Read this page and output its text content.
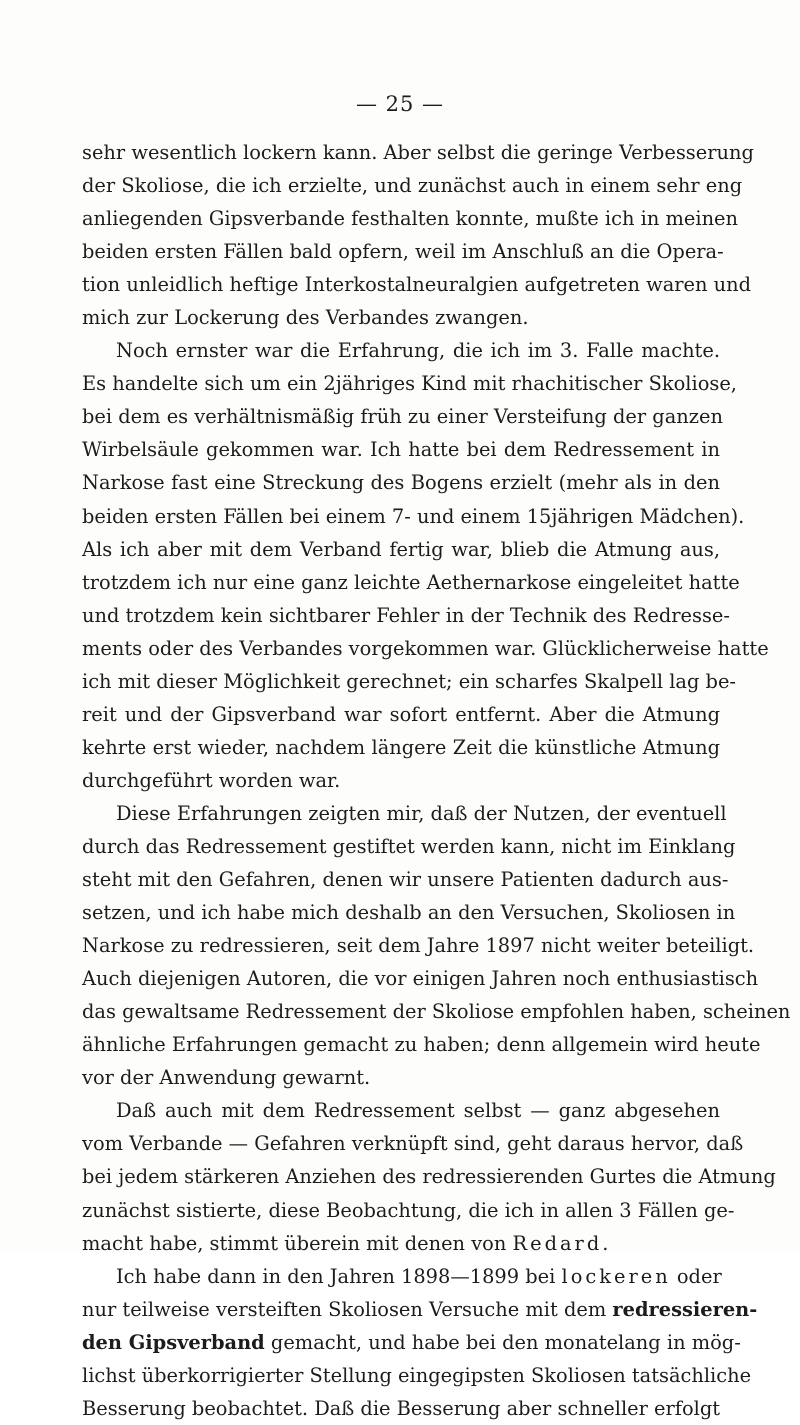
— 25 —
sehr wesentlich lockern kann. Aber selbst die geringe Verbesserung
der Skoliose, die ich erzielte, und zunächst auch in einem sehr eng
anliegenden Gipsverbande festhalten konnte, mußte ich in meinen
beiden ersten Fällen bald opfern, weil im Anschluß an die Opera-
tion unleidlich heftige Interkostalneuralgien aufgetreten waren und
mich zur Lockerung des Verbandes zwangen.
Noch ernster war die Erfahrung, die ich im 3. Falle machte.
Es handelte sich um ein 2jähriges Kind mit rhachitischer Skoliose,
bei dem es verhältnismäßig früh zu einer Versteifung der ganzen
Wirbelsäule gekommen war. Ich hatte bei dem Redressement in
Narkose fast eine Streckung des Bogens erzielt (mehr als in den
beiden ersten Fällen bei einem 7- und einem 15jährigen Mädchen).
Als ich aber mit dem Verband fertig war, blieb die Atmung aus,
trotzdem ich nur eine ganz leichte Aethernarkose eingeleitet hatte
und trotzdem kein sichtbarer Fehler in der Technik des Redresse-
ments oder des Verbandes vorgekommen war. Glücklicherweise hatte
ich mit dieser Möglichkeit gerechnet; ein scharfes Skalpell lag be-
reit und der Gipsverband war sofort entfernt. Aber die Atmung
kehrte erst wieder, nachdem längere Zeit die künstliche Atmung
durchgeführt worden war.
Diese Erfahrungen zeigten mir, daß der Nutzen, der eventuell
durch das Redressement gestiftet werden kann, nicht im Einklang
steht mit den Gefahren, denen wir unsere Patienten dadurch aus-
setzen, und ich habe mich deshalb an den Versuchen, Skoliosen in
Narkose zu redressieren, seit dem Jahre 1897 nicht weiter beteiligt.
Auch diejenigen Autoren, die vor einigen Jahren noch enthusiastisch
das gewaltsame Redressement der Skoliose empfohlen haben, scheinen
ähnliche Erfahrungen gemacht zu haben; denn allgemein wird heute
vor der Anwendung gewarnt.
Daß auch mit dem Redressement selbst — ganz abgesehen
vom Verbande — Gefahren verknüpft sind, geht daraus hervor, daß
bei jedem stärkeren Anziehen des redressierenden Gurtes die Atmung
zunächst sistierte, diese Beobachtung, die ich in allen 3 Fällen ge-
macht habe, stimmt überein mit denen von Redard.
Ich habe dann in den Jahren 1898—1899 bei lockeren oder
nur teilweise versteiften Skoliosen Versuche mit dem redressieren-
den Gipsverband gemacht, und habe bei den monatelang in mög-
lichst überkorrigierter Stellung eingegipsten Skoliosen tatsächliche
Besserung beobachtet. Daß die Besserung aber schneller erfolgt
